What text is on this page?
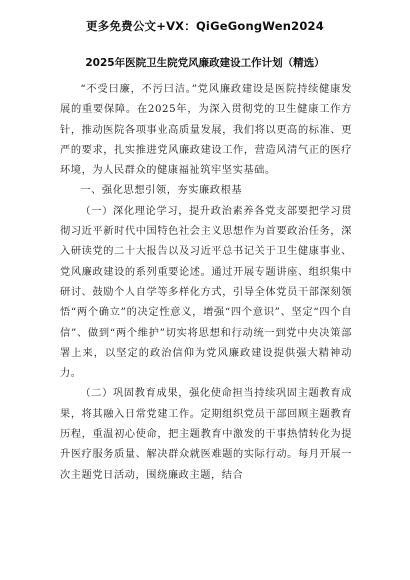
更多免费公文+VX：QiGeGongWen2024
2025年医院卫生院党风廉政建设工作计划（精选）

“不受曰廉，不污曰洁。”党风廉政建设是医院持续健康发展的重要保障。在2025年，为深入贯彻党的卫生健康工作方针，推动医院各项事业高质量发展，我们将以更高的标准、更严的要求，扎实推进党风廉政建设工作，营造风清气正的医疗环境，为人民群众的健康福祉筑牢坚实基础。

一、强化思想引领，夯实廉政根基

（一）深化理论学习，提升政治素养各党支部要把学习贯彻习近平新时代中国特色社会主义思想作为首要政治任务，深入研读党的二十大报告以及习近平总书记关于卫生健康事业、党风廉政建设的系列重要论述。通过开展专题讲座、组织集中研讨、鼓励个人自学等多样化方式，引导全体党员干部深刻领悟“两个确立”的决定性意义，增强“四个意识”、坚定“四个自信”、做到“两个维护”切实将思想和行动统一到党中央决策部署上来，以坚定的政治信仰为党风廉政建设提供强大精神动力。

（二）巩固教育成果，强化使命担当持续巩固主题教育成果，将其融入日常党建工作。定期组织党员干部回顾主题教育历程，重温初心使命，把主题教育中激发的干事热情转化为提升医疗服务质量、解决群众就医难题的实际行动。每月开展一次主题党日活动，围绕廉政主题，结合
